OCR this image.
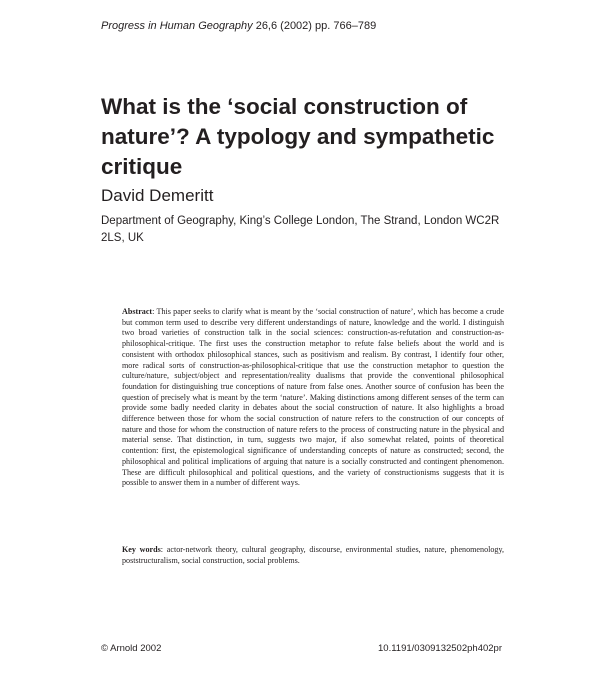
Progress in Human Geography 26,6 (2002) pp. 766–789
What is the ‘social construction of nature’? A typology and sympathetic critique
David Demeritt
Department of Geography, King’s College London, The Strand, London WC2R 2LS, UK

Abstract: This paper seeks to clarify what is meant by the ‘social construction of nature’, which has become a crude but common term used to describe very different understandings of nature, knowledge and the world. I distinguish two broad varieties of construction talk in the social sciences: construction-as-refutation and construction-as-philosophical-critique. The first uses the construction metaphor to refute false beliefs about the world and is consistent with orthodox philosophical stances, such as positivism and realism. By contrast, I identify four other, more radical sorts of construction-as-philosophical-critique that use the construction metaphor to question the culture/nature, subject/object and representation/reality dualisms that provide the conventional philosophical foundation for distinguishing true conceptions of nature from false ones. Another source of confusion has been the question of precisely what is meant by the term ‘nature’. Making distinctions among different senses of the term can provide some badly needed clarity in debates about the social construction of nature. It also highlights a broad difference between those for whom the social construction of nature refers to the construction of our concepts of nature and those for whom the construction of nature refers to the process of constructing nature in the physical and material sense. That distinction, in turn, suggests two major, if also somewhat related, points of theoretical contention: first, the epistemological significance of understanding concepts of nature as constructed; second, the philosophical and political implications of arguing that nature is a socially constructed and contingent phenomenon. These are difficult philosophical and political questions, and the variety of constructionisms suggests that it is possible to answer them in a number of different ways.

Key words: actor-network theory, cultural geography, discourse, environmental studies, nature, phenomenology, poststructuralism, social construction, social problems.

© Arnold 2002	10.1191/0309132502ph402pr
